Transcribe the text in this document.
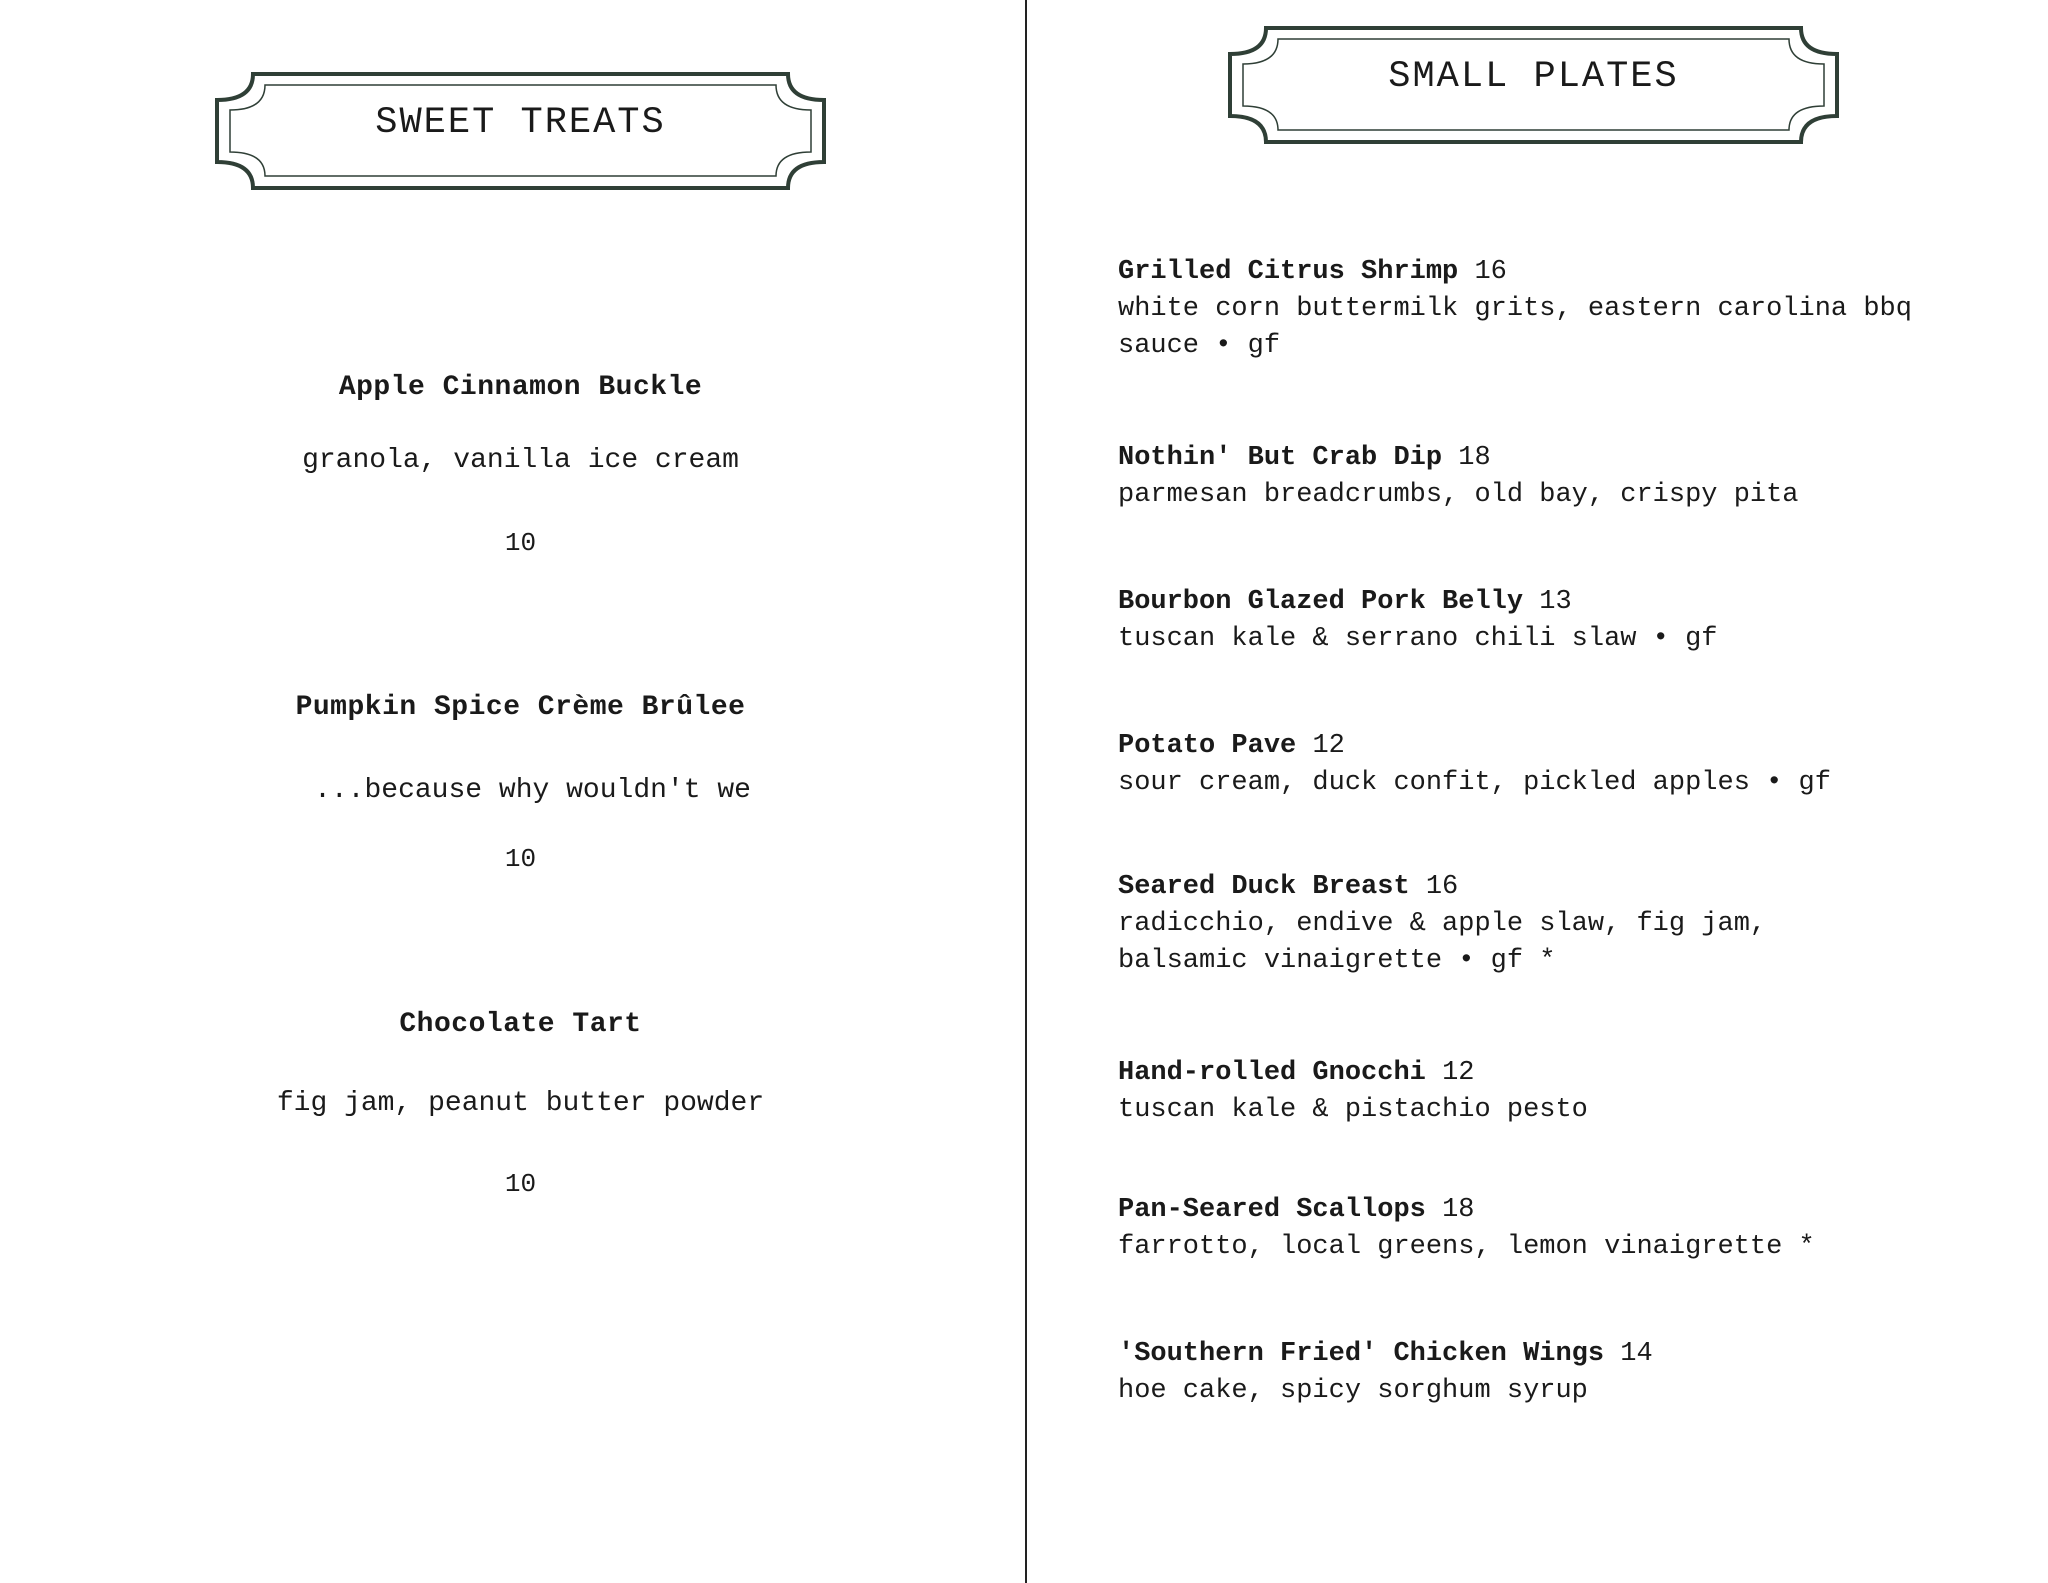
SWEET TREATS
Apple Cinnamon Buckle
granola, vanilla ice cream
10
Pumpkin Spice Crème Brûlee
...because why wouldn't we
10
Chocolate Tart
fig jam, peanut butter powder
10
SMALL PLATES
Grilled Citrus Shrimp 16
white corn buttermilk grits, eastern carolina bbq
sauce • gf
Nothin' But Crab Dip 18
parmesan breadcrumbs, old bay, crispy pita
Bourbon Glazed Pork Belly 13
tuscan kale & serrano chili slaw • gf
Potato Pave 12
sour cream, duck confit, pickled apples • gf
Seared Duck Breast 16
radicchio, endive & apple slaw, fig jam,
balsamic vinaigrette • gf *
Hand-rolled Gnocchi 12
tuscan kale & pistachio pesto
Pan-Seared Scallops 18
farrotto, local greens, lemon vinaigrette *
'Southern Fried' Chicken Wings 14
hoe cake, spicy sorghum syrup
